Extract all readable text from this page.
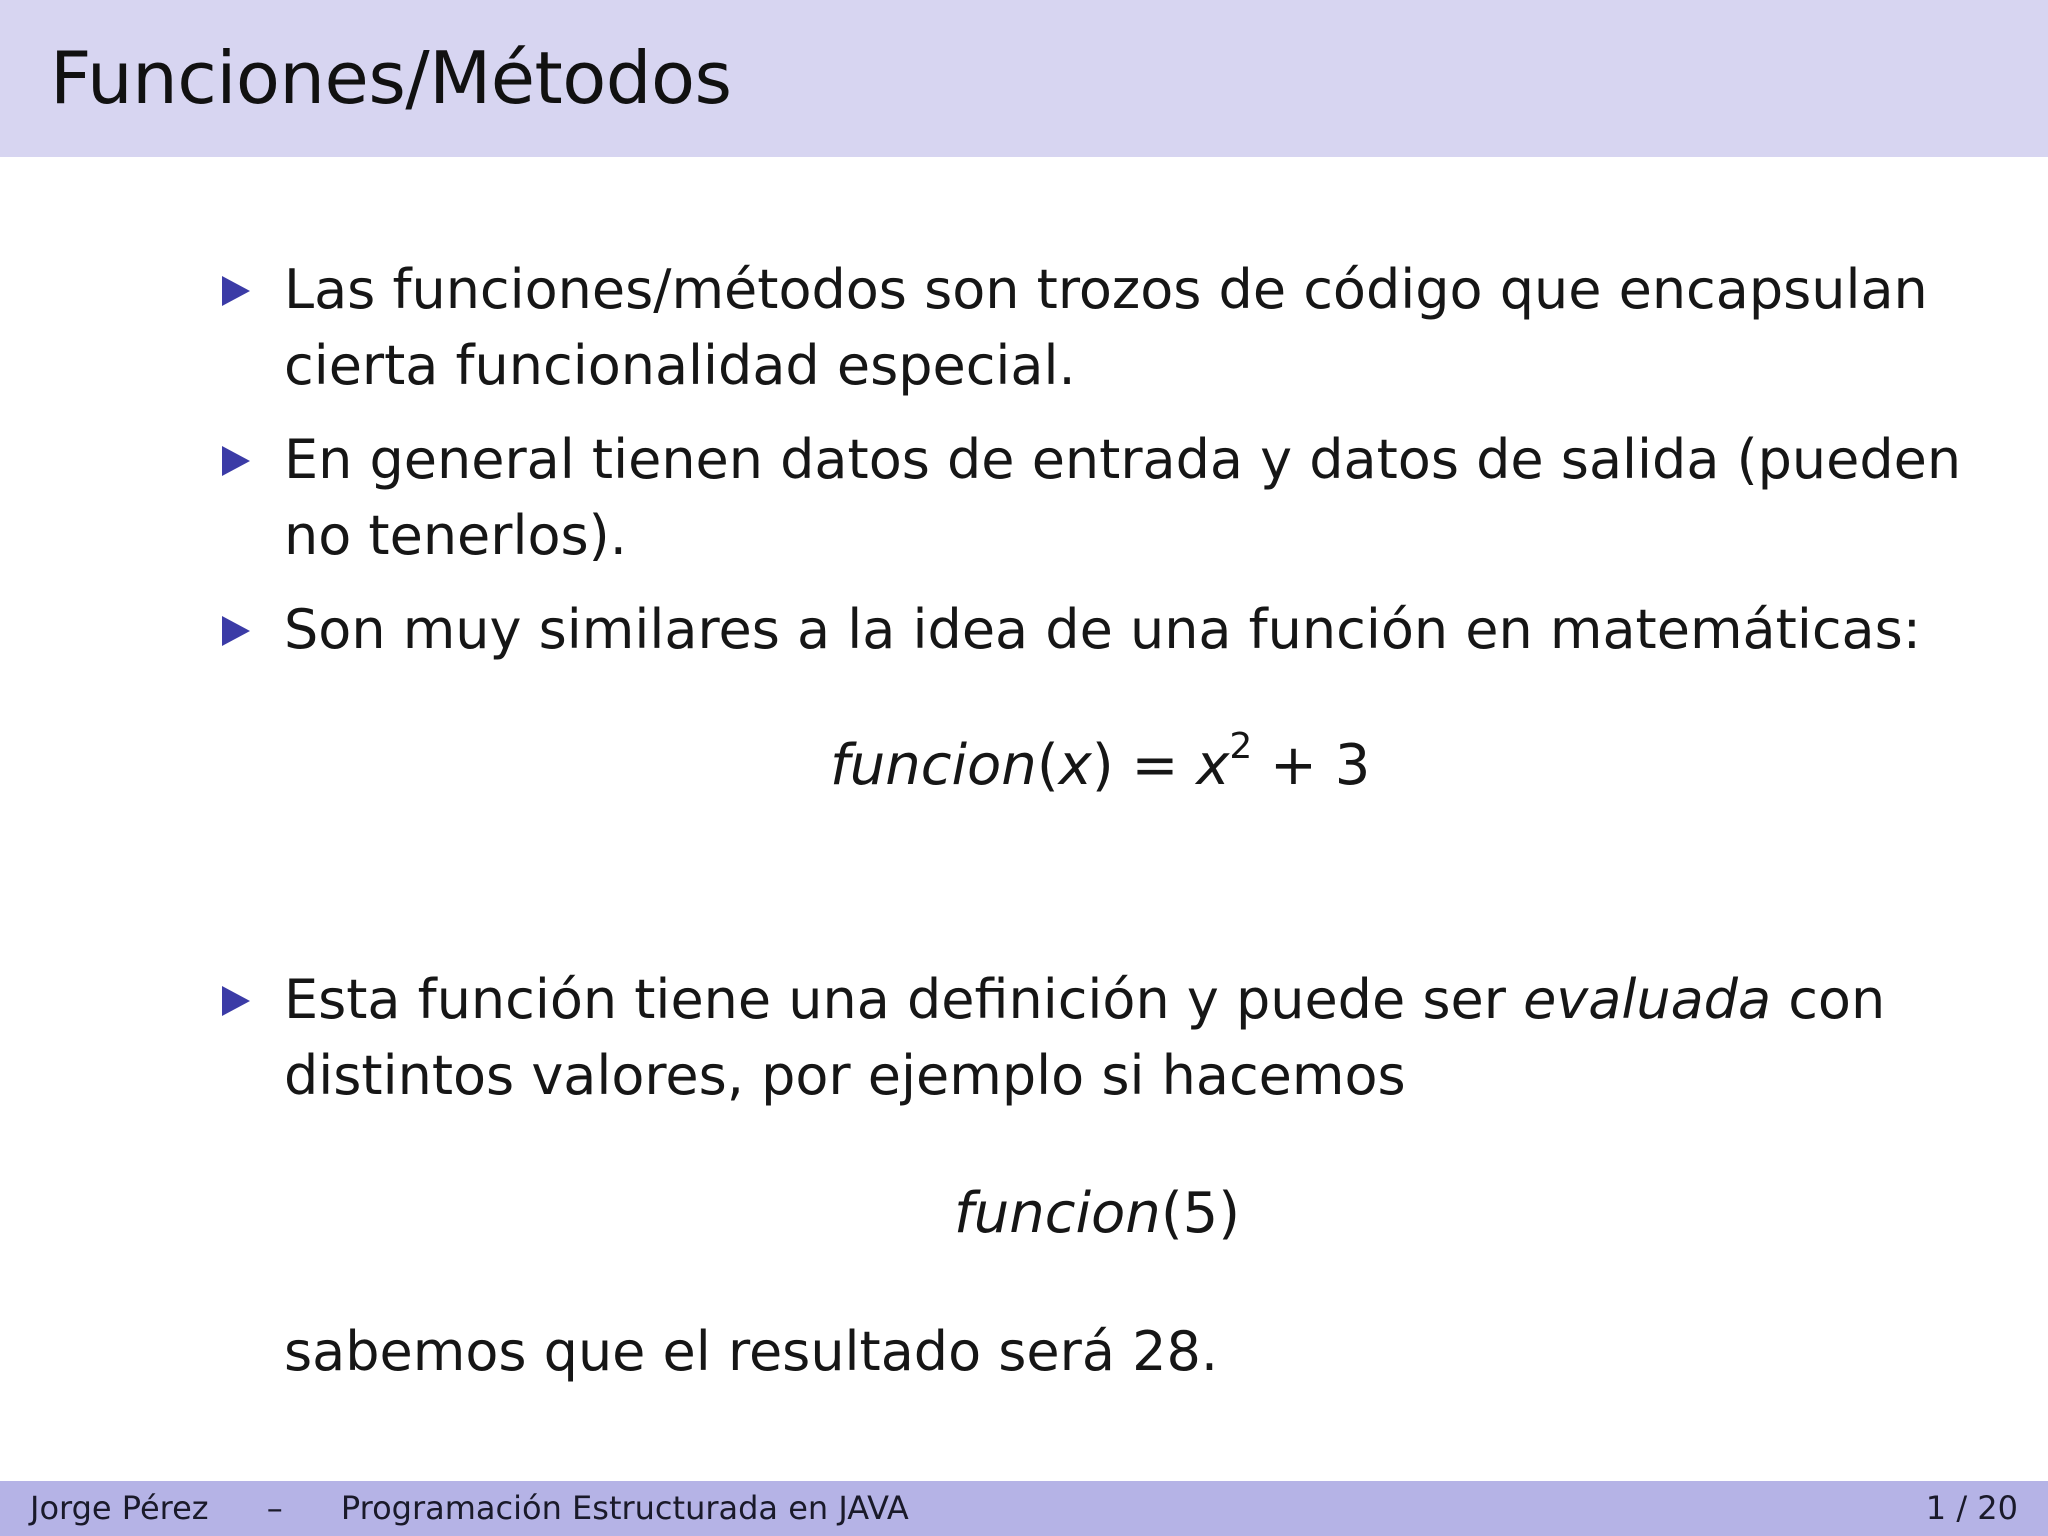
Funciones/Métodos
Las funciones/métodos son trozos de código que encapsulan
cierta funcionalidad especial.
En general tienen datos de entrada y datos de salida (pueden
no tenerlos).
Son muy similares a la idea de una función en matemáticas:
funcion(x) = $x^2 + 3$
Esta función tiene una definición y puede ser evaluada con
distintos valores, por ejemplo si hacemos
funcion(5)
sabemos que el resultado será 28.
Jorge Pérez – Programación Estructurada en JAVA	1 / 20
